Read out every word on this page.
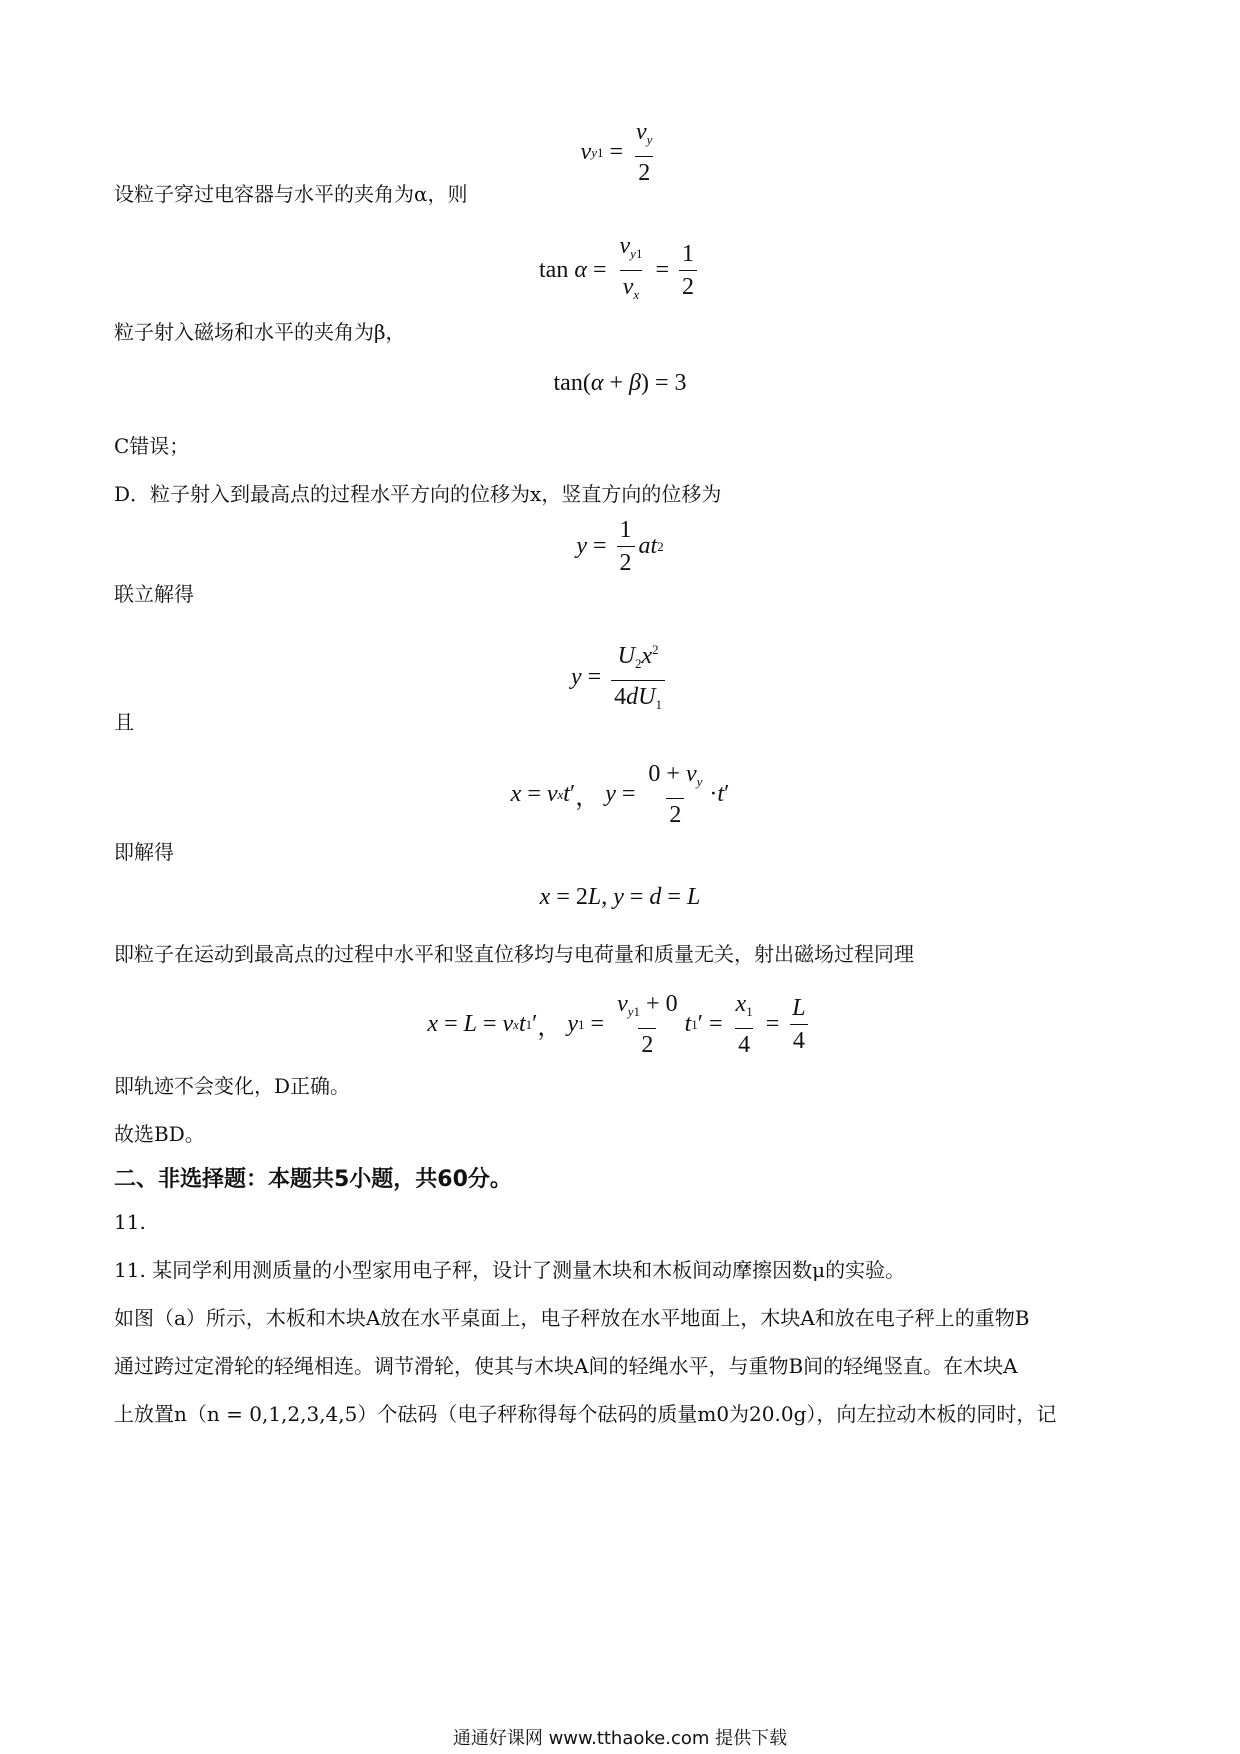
v y $1 = \frac{v_y}{2}$
设粒子穿过电容器与水平的夹角为α，则
tan
$\alpha = \frac{v_{y1}}{v_x} = \frac{1}{2}$
粒子射入磁场和水平的夹角为β，
tan ( α + β ) = 3
C错误；
D．粒子射入到最高点的过程水平方向的位移为x，竖直方向的位移为
$y = \frac{1}{2}$ at 2
联立解得
$y = \frac{U_2x^2}{4dU_1}$
且
x = v x t ′ ， $y = \frac{0 + v_y}{2} \cdot t$ ′
即解得
x = 2 L , y = d = L
即粒子在运动到最高点的过程中水平和竖直位移均与电荷量和质量无关，射出磁场过程同理
x = L = v x t 1 ′ ， y $1 = \frac{v_{y1} + 0}{2}$ t 1 ′ = $\frac{x_1}{4} = \frac{L}{4}$
即轨迹不会变化，D正确。
故选BD。
二、非选择题：本题共5小题，共60分。
11.
11. 某同学利用测质量的小型家用电子秤，设计了测量木块和木板间动摩擦因数μ的实验。
如图（a）所示，木板和木块A放在水平桌面上，电子秤放在水平地面上，木块A和放在电子秤上的重物B
通过跨过定滑轮的轻绳相连。调节滑轮，使其与木块A间的轻绳水平，与重物B间的轻绳竖直。在木块A
上放置n（n = 0,1,2,3,4,5）个砝码（电子秤称得每个砝码的质量m0为20.0g），向左拉动木板的同时，记
通通好课网 www.tthaoke.com 提供下载
